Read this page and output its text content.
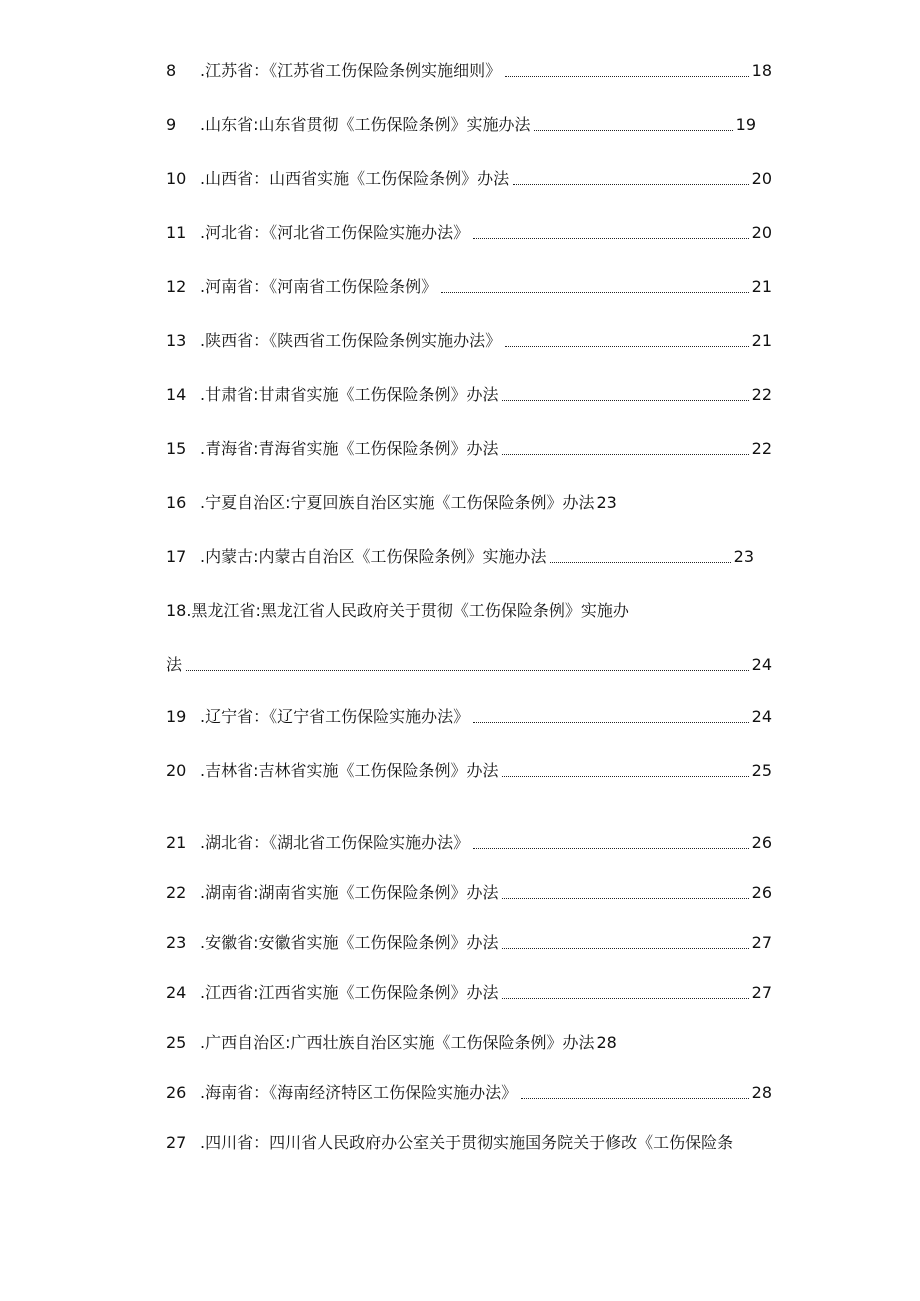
8	.江苏省：《江苏省工伤保险条例实施细则》	18
9	.山东省:山东省贯彻《工伤保险条例》实施办法	19
10 .山西省：山西省实施《工伤保险条例》办法	20
11 .河北省：《河北省工伤保险实施办法》	20
12 .河南省：《河南省工伤保险条例》	21
13 .陕西省：《陕西省工伤保险条例实施办法》	21
14 .甘肃省:甘肃省实施《工伤保险条例》办法	22
15 .青海省:青海省实施《工伤保险条例》办法	22
16 .宁夏自治区:宁夏回族自治区实施《工伤保险条例》办法 23
17 .内蒙古:内蒙古自治区《工伤保险条例》实施办法	23
18 .黑龙江省:黑龙江省人民政府关于贯彻《工伤保险条例》实施办
法	24
19 .辽宁省：《辽宁省工伤保险实施办法》	24
20 .吉林省:吉林省实施《工伤保险条例》办法	25
21 .湖北省：《湖北省工伤保险实施办法》	26
22 .湖南省:湖南省实施《工伤保险条例》办法	26
23 .安徽省:安徽省实施《工伤保险条例》办法	27
24 .江西省:江西省实施《工伤保险条例》办法	27
25 .广西自治区:广西壮族自治区实施《工伤保险条例》办法 28
26 .海南省：《海南经济特区工伤保险实施办法》	28
27 .四川省：四川省人民政府办公室关于贯彻实施国务院关于修改《工伤保险条
